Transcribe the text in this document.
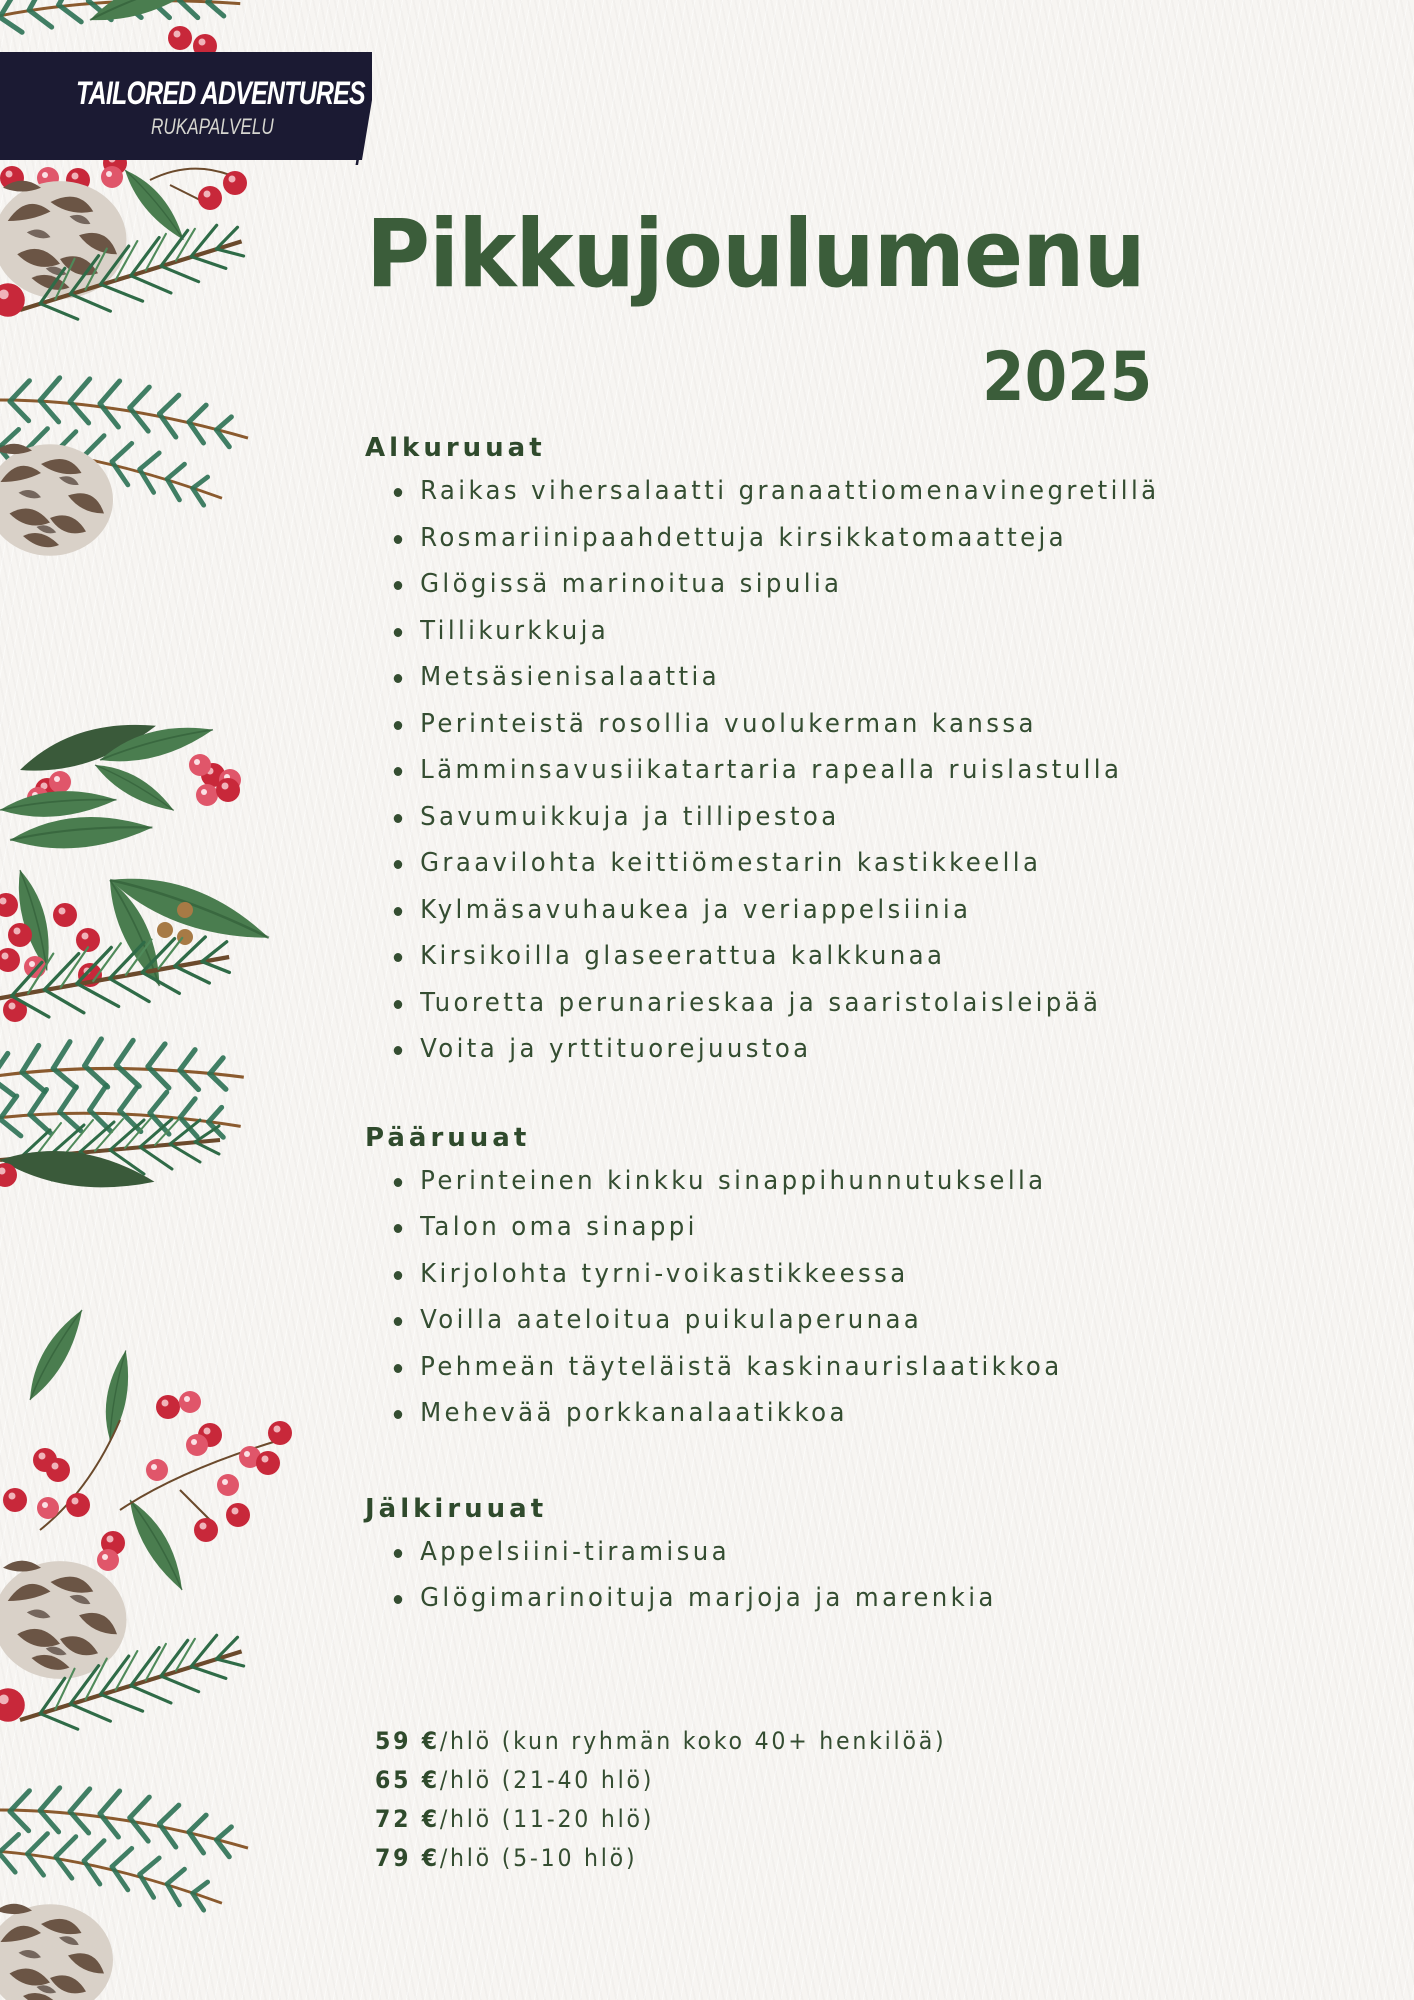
TAILORED ADVENTURES
RUKAPALVELU
Pikkujoulumenu
2025
Alkuruuat
Raikas vihersalaatti granaattiomenavinegretillä
Rosmariinipaahdettuja kirsikkatomaatteja
Glögissä marinoitua sipulia
Tillikurkkuja
Metsäsienisalaattia
Perinteistä rosollia vuolukerman kanssa
Lämminsavusiikatartaria rapealla ruislastulla
Savumuikkuja ja tillipestoa
Graavilohta keittiömestarin kastikkeella
Kylmäsavuhaukea ja veriappelsiinia
Kirsikoilla glaseerattua kalkkunaa
Tuoretta perunarieskaa ja saaristolaisleipää
Voita ja yrttituorejuustoa
Pääruuat
Perinteinen kinkku sinappihunnutuksella
Talon oma sinappi
Kirjolohta tyrni-voikastikkeessa
Voilla aateloitua puikulaperunaa
Pehmeän täyteläistä kaskinaurislaatikkoa
Mehevää porkkanalaatikkoa
Jälkiruuat
Appelsiini-tiramisua
Glögimarinoituja marjoja ja marenkia
59 €/hlö (kun ryhmän koko 40+ henkilöä)
65 €/hlö (21-40 hlö)
72 €/hlö (11-20 hlö)
79 €/hlö (5-10 hlö)
